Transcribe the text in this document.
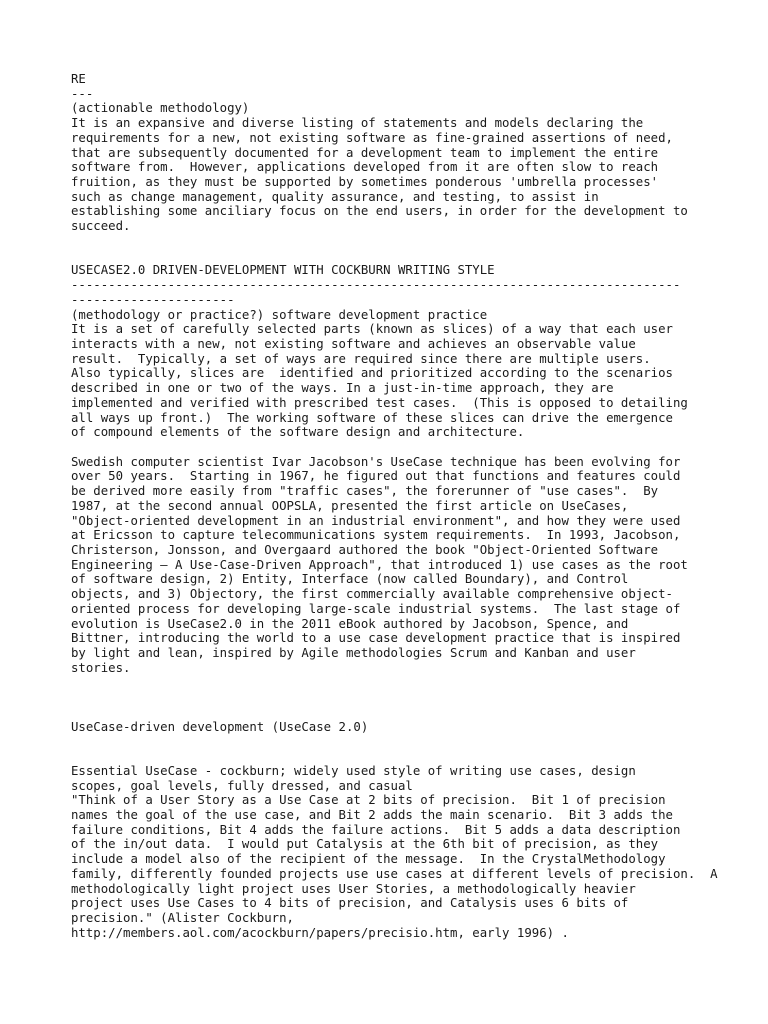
RE
---
(actionable methodology)
It is an expansive and diverse listing of statements and models declaring the
requirements for a new, not existing software as fine-grained assertions of need,
that are subsequently documented for a development team to implement the entire
software from.  However, applications developed from it are often slow to reach
fruition, as they must be supported by sometimes ponderous 'umbrella processes'
such as change management, quality assurance, and testing, to assist in
establishing some anciliary focus on the end users, in order for the development to
succeed.
USECASE2.0 DRIVEN-DEVELOPMENT WITH COCKBURN WRITING STYLE
----------------------------------------------------------------------------------
----------------------
(methodology or practice?) software development practice
It is a set of carefully selected parts (known as slices) of a way that each user
interacts with a new, not existing software and achieves an observable value
result.  Typically, a set of ways are required since there are multiple users.
Also typically, slices are  identified and prioritized according to the scenarios
described in one or two of the ways. In a just-in-time approach, they are
implemented and verified with prescribed test cases.  (This is opposed to detailing
all ways up front.)  The working software of these slices can drive the emergence
of compound elements of the software design and architecture.
Swedish computer scientist Ivar Jacobson's UseCase technique has been evolving for
over 50 years.  Starting in 1967, he figured out that functions and features could
be derived more easily from "traffic cases", the forerunner of "use cases".  By
1987, at the second annual OOPSLA, presented the first article on UseCases,
"Object-oriented development in an industrial environment", and how they were used
at Ericsson to capture telecommunications system requirements.  In 1993, Jacobson,
Christerson, Jonsson, and Overgaard authored the book "Object-Oriented Software
Engineering — A Use-Case-Driven Approach", that introduced 1) use cases as the root
of software design, 2) Entity, Interface (now called Boundary), and Control
objects, and 3) Objectory, the first commercially available comprehensive object-
oriented process for developing large-scale industrial systems.  The last stage of
evolution is UseCase2.0 in the 2011 eBook authored by Jacobson, Spence, and
Bittner, introducing the world to a use case development practice that is inspired
by light and lean, inspired by Agile methodologies Scrum and Kanban and user
stories.
UseCase-driven development (UseCase 2.0)
Essential UseCase - cockburn; widely used style of writing use cases, design
scopes, goal levels, fully dressed, and casual
"Think of a User Story as a Use Case at 2 bits of precision.  Bit 1 of precision
names the goal of the use case, and Bit 2 adds the main scenario.  Bit 3 adds the
failure conditions, Bit 4 adds the failure actions.  Bit 5 adds a data description
of the in/out data.  I would put Catalysis at the 6th bit of precision, as they
include a model also of the recipient of the message.  In the CrystalMethodology
family, differently founded projects use use cases at different levels of precision.  A
methodologically light project uses User Stories, a methodologically heavier
project uses Use Cases to 4 bits of precision, and Catalysis uses 6 bits of
precision." (Alister Cockburn,
http://members.aol.com/acockburn/papers/precisio.htm, early 1996) .
